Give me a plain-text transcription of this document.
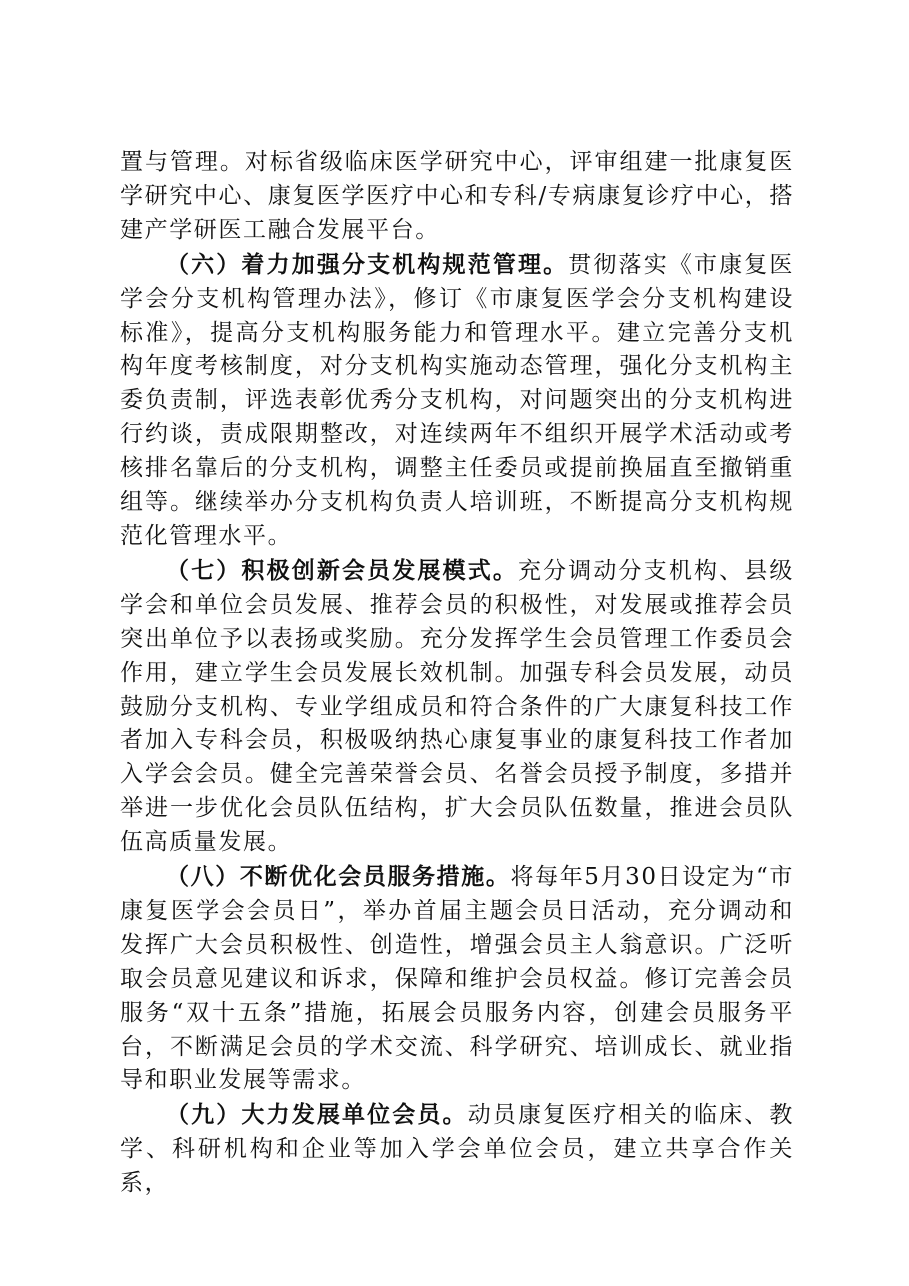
置与管理。对标省级临床医学研究中心，评审组建一批康复医学研究中心、康复医学医疗中心和专科/专病康复诊疗中心，搭建产学研医工融合发展平台。

（六）着力加强分支机构规范管理。贯彻落实《市康复医学会分支机构管理办法》，修订《市康复医学会分支机构建设标准》，提高分支机构服务能力和管理水平。建立完善分支机构年度考核制度，对分支机构实施动态管理，强化分支机构主委负责制，评选表彰优秀分支机构，对问题突出的分支机构进行约谈，责成限期整改，对连续两年不组织开展学术活动或考核排名靠后的分支机构，调整主任委员或提前换届直至撤销重组等。继续举办分支机构负责人培训班，不断提高分支机构规范化管理水平。

（七）积极创新会员发展模式。充分调动分支机构、县级学会和单位会员发展、推荐会员的积极性，对发展或推荐会员突出单位予以表扬或奖励。充分发挥学生会员管理工作委员会作用，建立学生会员发展长效机制。加强专科会员发展，动员鼓励分支机构、专业学组成员和符合条件的广大康复科技工作者加入专科会员，积极吸纳热心康复事业的康复科技工作者加入学会会员。健全完善荣誉会员、名誉会员授予制度，多措并举进一步优化会员队伍结构，扩大会员队伍数量，推进会员队伍高质量发展。

（八）不断优化会员服务措施。将每年5月30日设定为“市康复医学会会员日”，举办首届主题会员日活动，充分调动和发挥广大会员积极性、创造性，增强会员主人翁意识。广泛听取会员意见建议和诉求，保障和维护会员权益。修订完善会员服务“双十五条”措施，拓展会员服务内容，创建会员服务平台，不断满足会员的学术交流、科学研究、培训成长、就业指导和职业发展等需求。

（九）大力发展单位会员。动员康复医疗相关的临床、教学、科研机构和企业等加入学会单位会员，建立共享合作关系，
